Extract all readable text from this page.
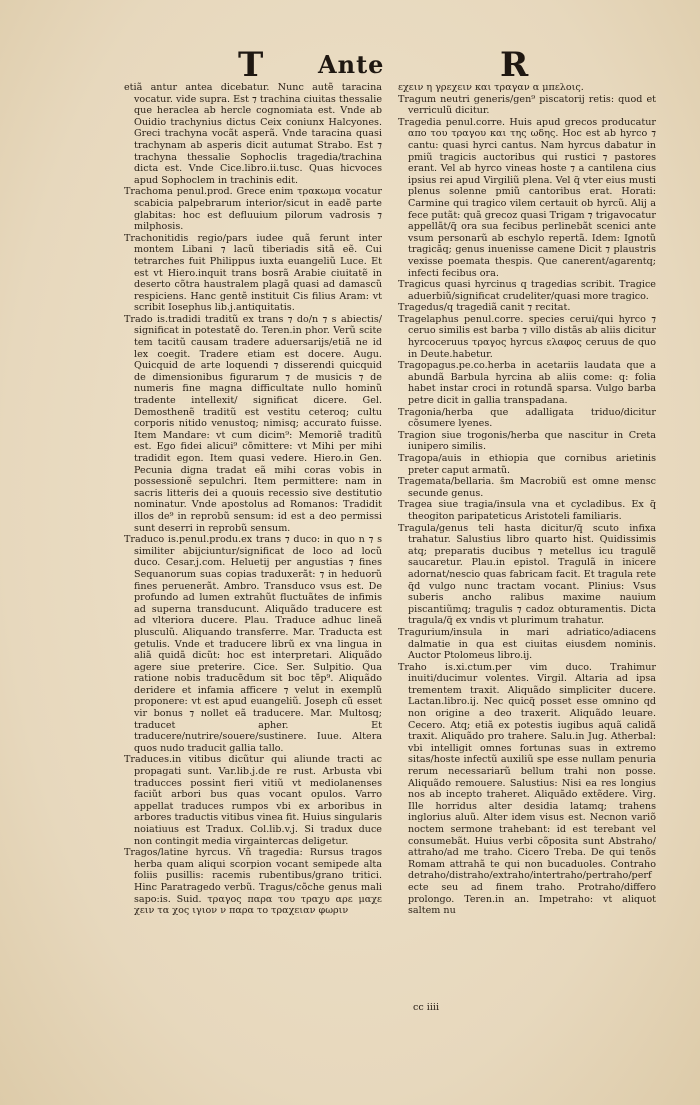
T Ante	R

etiã antur antea dicebatur. Nunc autẽ taracina vocatur. vide supra. Est ⁊ trachina ciuitas thessalie que heraclea ab hercle cognomiata est. Vnde ab Ouidio trachynius dictus Ceix coniunx Halcyones. Greci trachyna vocãt asperã. Vnde taracina quasi trachynam ab asperis dicit autumat Strabo. Est ⁊ trachyna thessalie Sophoclis tragedia/trachina dicta est. Vnde Cice.libro.ii.tusc. Quas hicvoces apud Sophoclem in trachinis edit.

Trachoma penul.prod. Grece enim τρακωμα vocatur scabicia palpebrarum interior/sicut in eadẽ parte glabitas: hoc est defluuium pilorum vadrosis ⁊ milphosis.

Trachonitidis regio/pars iudee quã ferunt inter montem Libani ⁊ lacũ tiberiadis sitã eẽ. Cui tetrarches fuit Philippus iuxta euangeliũ Luce. Et est vt Hiero.inquit trans bosrã Arabie ciuitatẽ in deserto cõtra haustralem plagã quasi ad damascũ respiciens. Hanc gentẽ instituit Cis filius Aram: vt scribit Iosephus lib.j.antiquitatis.

Trado is.tradidi traditũ ex trans ⁊ do/n ⁊ s abiectis/ significat in potestatẽ do. Teren.in phor. Verũ scite tem tacitũ causam tradere aduersarijs/etiã ne id lex coegit. Tradere etiam est docere. Augu. Quicquid de arte loquendi ⁊ disserendi quicquid de dimensionibus figurarum ⁊ de musicis ⁊ de numeris fine magna difficultate nullo hominũ tradente intellexit/ significat dicere. Gel. Demosthenẽ traditũ est vestitu ceteroq; cultu corporis nitido venustoq; nimisq; accurato fuisse. Item Mandare: vt cum dicim⁹: Memoriẽ traditũ est. Ego fidei alicui⁹ cõmittere: vt Mihi per mihi tradidit egon. Item quasi vedere. Hiero.in Gen. Pecunia digna tradat eã mihi coras vobis in possessionẽ sepulchri. Item permittere: nam in sacris litteris dei a quouis recessio sive destitutio nominatur. Vnde apostolus ad Romanos: Tradidit illos de⁹ in reprobũ sensum: id est a deo permissi sunt deserri in reprobũ sensum.

Traduco is.penul.produ.ex trans ⁊ duco: in quo n ⁊ s similiter abijciuntur/significat de loco ad locũ duco. Cesar.j.com. Heluetij per angustias ⁊ fines Sequanorum suas copias traduxerãt: ⁊ in heduorũ fines peruenerãt. Ambro. Transduco vsus est. De profundo ad lumen extrahũt fluctuãtes de infimis ad superna transducunt. Aliquãdo traducere est ad vlteriora ducere. Plau. Traduce adhuc lineã plusculũ. Aliquando transferre. Mar. Traducta est getulis. Vnde et traducere librũ ex vna lingua in aliã quidã dicũt: hoc est interpretari. Aliquãdo agere siue preterire. Cice. Ser. Sulpitio. Qua ratione nobis traducẽdum sit boc tẽp⁹. Aliquãdo deridere et infamia afficere ⁊ velut in exemplũ proponere: vt est apud euangeliũ. Joseph cũ esset vir bonus ⁊ nollet eã traducere. Mar. Multosq; traducet apher. Et traducere/nutrire/souere/sustinere. Iuue. Altera quos nudo traducit gallia tallo.

Traduces.in vitibus dicũtur qui aliunde tracti ac propagati sunt. Var.lib.j.de re rust. Arbusta vbi traducces possint fieri vitiũ vt mediolanenses faciũt arbori bus quas vocant opulos. Varro appellat traduces rumpos vbi ex arboribus in arbores traductis vitibus vinea fit. Huius singularis noiatiuus est Tradux. Col.lib.v.j. Si tradux duce non contingit media virgaintercas deligetur.

Tragos/latine hyrcus. Vñ tragedia: Rursus tragos herba quam aliqui scorpion vocant semipede alta foliis pusillis: racemis rubentibus/grano tritici. Hinc Paratragedo verbũ. Tragus/cõche genus mali sapo:is. Suid. τραγος παρα του τραχυ αρε μαχε χειν τα χος ιγιον ν παρα το τραχειαν φωριν

εχειν η γρεχειν και τραγαν α μπελοις.

Tragum neutri generis/gen⁹ piscatorij retis: quod et verriculũ dicitur.

Tragedia penul.corre. Huis apud grecos producatur απο του τραγου και της ωδης. Hoc est ab hyrco ⁊ cantu: quasi hyrci cantus. Nam hyrcus dabatur in pmiũ tragicis auctoribus qui rustici ⁊ pastores erant. Vel ab hyrco vineas hoste ⁊ a cantilena cius ipsius rei apud Virgiliũ plena. Vel q̃ vter eius musti plenus solenne pmiũ cantoribus erat. Horati: Carmine qui tragico vilem certauit ob hyrcũ. Alij a fece putãt: quã grecoz quasi Trigam ⁊ trigavocatur appellãt/q̃ ora sua fecibus perlinebãt scenici ante vsum personarũ ab eschylo repertã. Idem: Ignotũ tragicãq; genus inuenisse camene Dicit ⁊ plaustris vexisse poemata thespis. Que canerent/agarentq; infecti fecibus ora.

Tragicus quasi hyrcinus q tragedias scribit. Tragice aduerbiũ/significat crudeliter/quasi more tragico.

Tragedus/q tragediã canit ⁊ recitat.

Tragelaphus penul.corre. species cerui/qui hyrco ⁊ ceruo similis est barba ⁊ villo distãs ab aliis dicitur hyrcoceruus τραγος hyrcus ελαφος ceruus de quo in Deute.habetur.

Tragopagus.pe.co.herba in acetariis laudata que a abundã Barbula hyrcina ab aliis come: q: folia habet instar croci in rotundã sparsa. Vulgo barba petre dicit in gallia transpadana.

Tragonia/herba que adalligata triduo/dicitur cõsumere lyenes.

Tragion siue trogonis/herba que nascitur in Creta iunipero similis.

Tragopa/auis in ethiopia que cornibus arietinis preter caput armatũ.

Tragemata/bellaria. s̃m Macrobiũ est omne mensc secunde genus.

Tragea siue tragia/insula vna et cycladibus. Ex q̃ theogiton paripateticus Aristoteli familiaris.

Tragula/genus teli hasta dicitur/q̃ scuto infixa trahatur. Salustius libro quarto hist. Quidissimis atq; preparatis ducibus ⁊ metellus icu tragulẽ saucaretur. Plau.in epistol. Tragulã in inicere adornat/nescio quas fabricam facit. Et tragula rete q̃d vulgo nunc tractam vocant. Plinius: Vsus suberis ancho ralibus maxime nauium piscantiũmq; tragulis ⁊ cadoz obturamentis. Dicta tragula/q̃ ex vndis vt plurimum trahatur.

Tragurium/insula in mari adriatico/adiacens dalmatie in qua est ciuitas eiusdem nominis. Auctor Ptolomeus libro.ij.

Traho is.xi.ctum.per vim duco. Trahimur inuiti/ducimur volentes. Virgil. Altaria ad ipsa trementem traxit. Aliquãdo simpliciter ducere. Lactan.libro.ij. Nec quicq̃ posset esse omnino qd non origine a deo traxerit. Aliquãdo leuare. Cecero. Atq; etiã ex potestis iugibus aquã calidã traxit. Aliquãdo pro trahere. Salu.in Jug. Atherbal: vbi intelligit omnes fortunas suas in extremo sitas/hoste infectũ auxiliũ spe esse nullam penuria rerum necessariarũ bellum trahi non posse. Aliquãdo remouere. Salustius: Nisi ea res longius nos ab incepto traheret. Aliquãdo extẽdere. Virg. Ille horridus alter desidia latamq; trahens inglorius aluũ. Alter idem visus est. Necnon variõ noctem sermone trahebant: id est terebant vel consumebãt. Huius verbi cõposita sunt Abstraho/ attraho/ad me traho. Cicero Treba. De qui tenõs Romam attrahã te qui non bucaduoles. Contraho detraho/distraho/extraho/intertraho/pertraho/perfecte seu ad finem traho. Protraho/differo prolongo. Teren.in an. Impetraho: vt aliquot saltem nu

cc iiii
